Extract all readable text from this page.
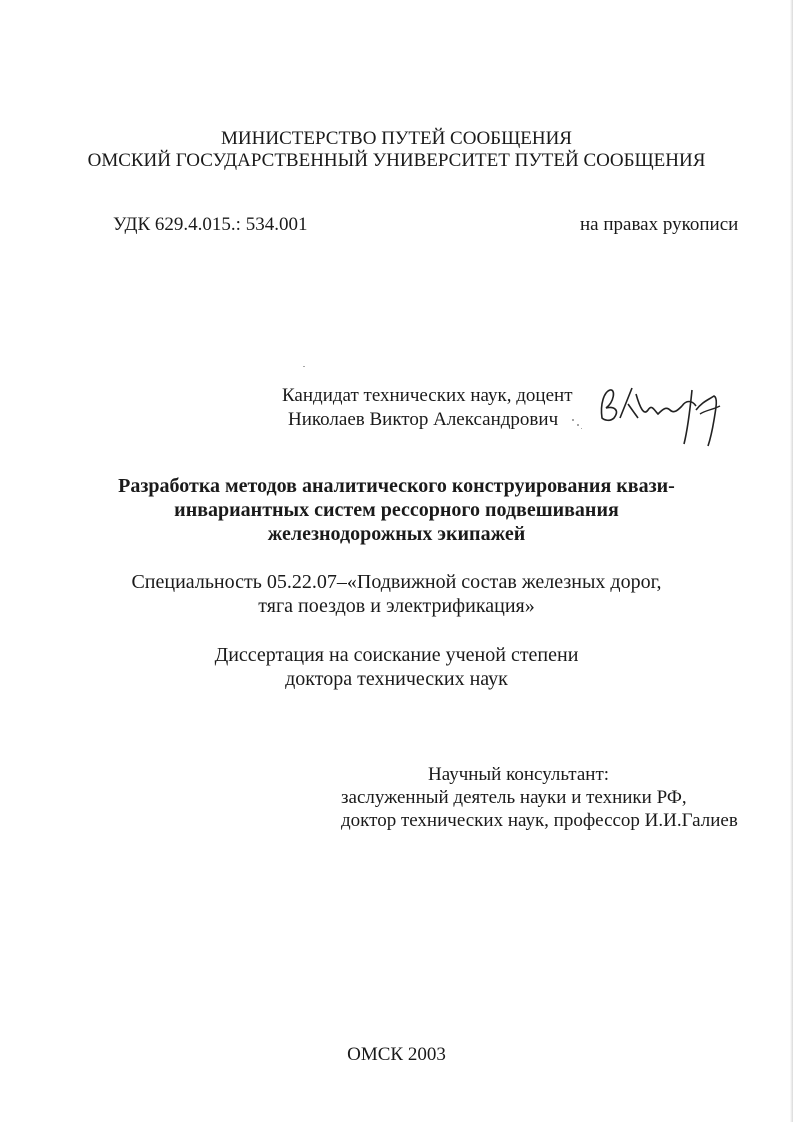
МИНИСТЕРСТВО ПУТЕЙ СООБЩЕНИЯ
ОМСКИЙ ГОСУДАРСТВЕННЫЙ УНИВЕРСИТЕТ ПУТЕЙ СООБЩЕНИЯ
УДК 629.4.015.: 534.001	на правах рукописи
Кандидат технических наук, доцент
Николаев Виктор Александрович
Разработка методов аналитического конструирования квази-
инвариантных систем рессорного подвешивания
железнодорожных экипажей
Специальность 05.22.07–«Подвижной состав железных дорог,
тяга поездов и электрификация»
Диссертация на соискание ученой степени
доктора технических наук
Научный консультант:
заслуженный деятель науки и техники РФ,
доктор технических наук, профессор И.И.Галиев
ОМСК 2003
